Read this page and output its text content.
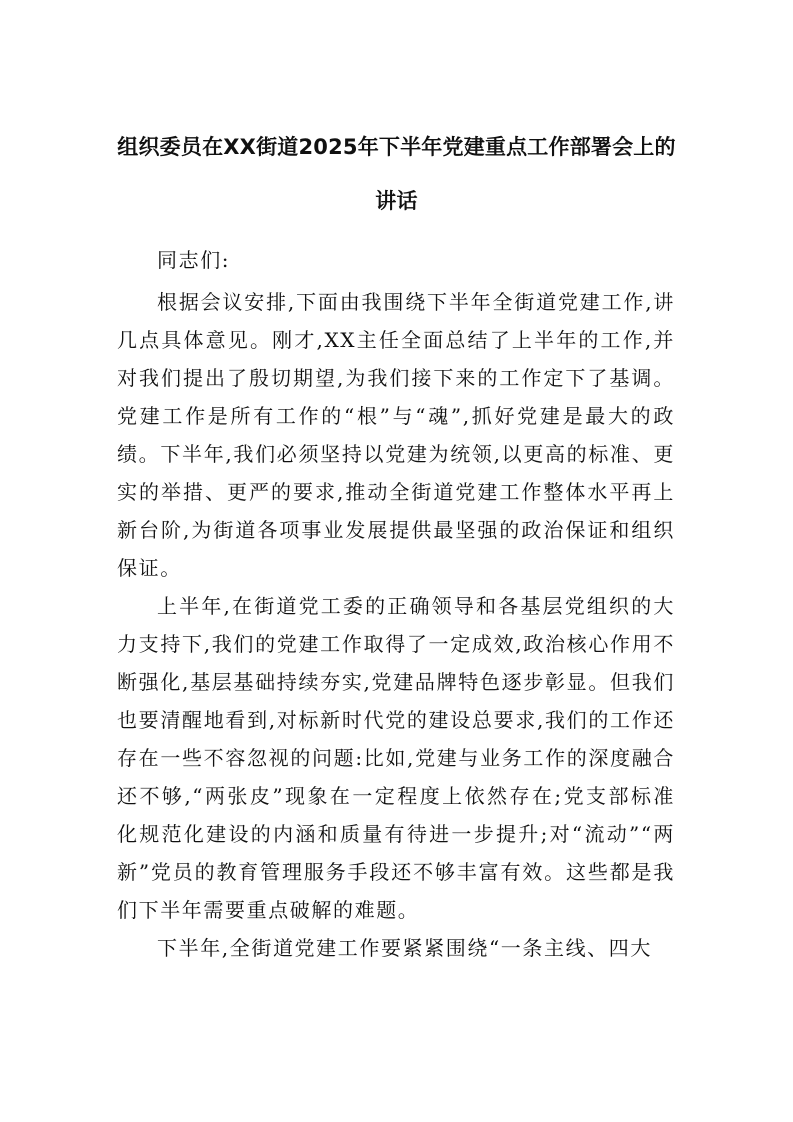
组织委员在XX街道2025年下半年党建重点工作部署会上的
讲话

同志们:

根据会议安排,下面由我围绕下半年全街道党建工作,讲几点具体意见。刚才,XX主任全面总结了上半年的工作,并对我们提出了殷切期望,为我们接下来的工作定下了基调。党建工作是所有工作的“根”与“魂”,抓好党建是最大的政绩。下半年,我们必须坚持以党建为统领,以更高的标准、更实的举措、更严的要求,推动全街道党建工作整体水平再上新台阶,为街道各项事业发展提供最坚强的政治保证和组织保证。

上半年,在街道党工委的正确领导和各基层党组织的大力支持下,我们的党建工作取得了一定成效,政治核心作用不断强化,基层基础持续夯实,党建品牌特色逐步彰显。但我们也要清醒地看到,对标新时代党的建设总要求,我们的工作还存在一些不容忽视的问题:比如,党建与业务工作的深度融合还不够,“两张皮”现象在一定程度上依然存在;党支部标准化规范化建设的内涵和质量有待进一步提升;对“流动”“两新”党员的教育管理服务手段还不够丰富有效。这些都是我们下半年需要重点破解的难题。

下半年,全街道党建工作要紧紧围绕“一条主线、四大
